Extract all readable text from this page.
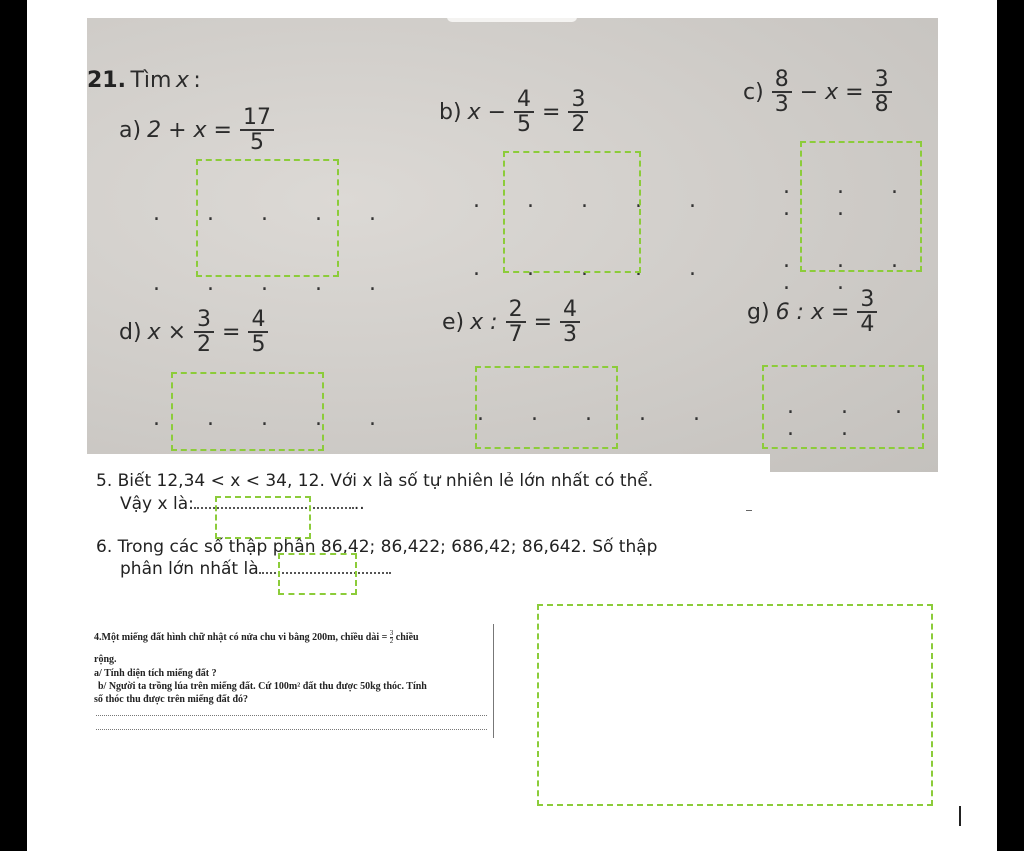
21. Tìm x :
a) $2 + x = \frac{17}{5}$	b) $x - \frac{4}{5} = \frac{3}{2}$	$c) \frac{8}{3} - x = \frac{3}{8}$
d) $x \times \frac{3}{2} = \frac{4}{5}$	e) x : $\frac{2}{7} = \frac{4}{3}$	g) 6 : $x = \frac{3}{4}$
. . . . .
. . . . .
. . . . .
. . . . .
. . . . .
. . . . .
. . . . .	. . . . .	. . . . .
5. Biết 12,34 < x < 34, 12. Với x là số tự nhiên lẻ lớn nhất có thể.
Vậy x là:	..
6. Trong các số thập phân 86,42; 86,422; 686,42; 86,642. Số thập
phân lớn nhất là
4.Một miếng đất hình chữ nhật có nửa chu vi bằng 200m, chiều dài = $\frac{3}{2}$ chiều
rộng.
a/ Tính diện tích miếng đất ?
b/ Người ta trồng lúa trên miếng đất. Cứ 100m² đất thu được 50kg thóc. Tính
số thóc thu được trên miếng đất đó?
